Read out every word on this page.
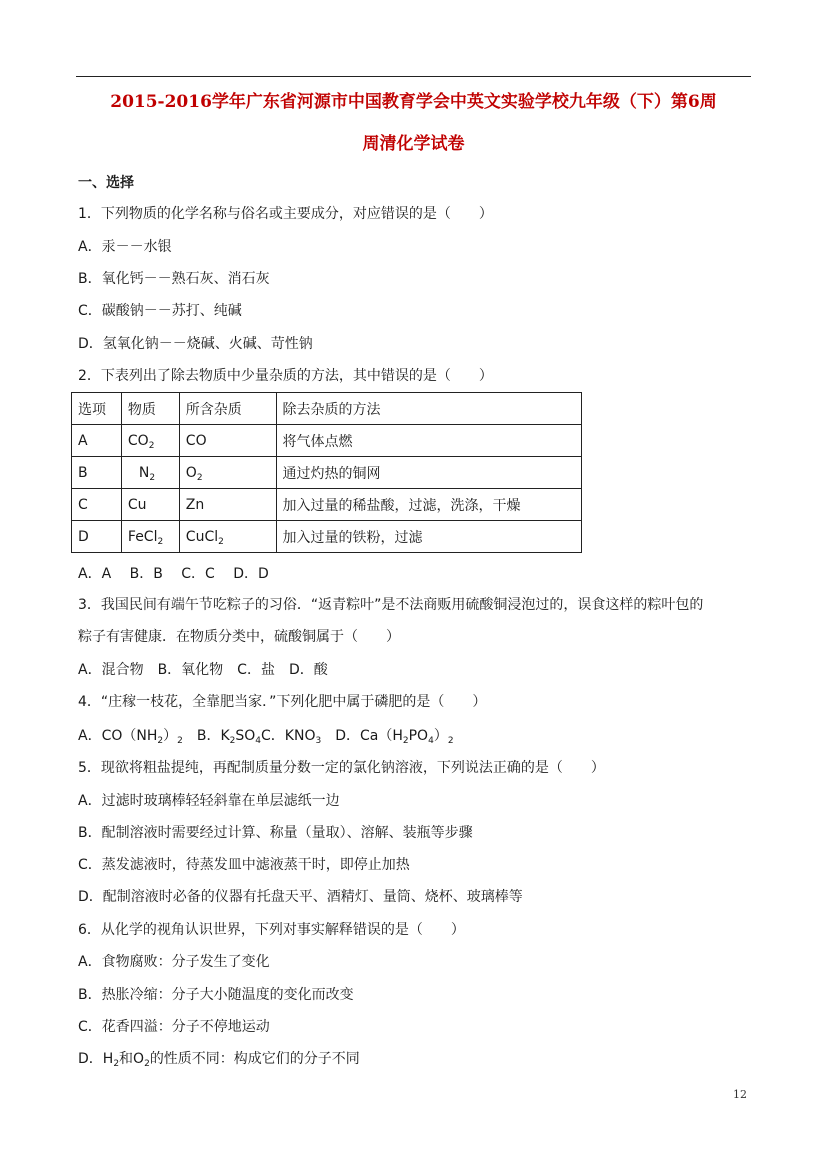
2015-2016学年广东省河源市中国教育学会中英文实验学校九年级（下）第6周
周清化学试卷
一、选择
1．下列物质的化学名称与俗名或主要成分，对应错误的是（　　）
A．汞－－水银
B．氧化钙－－熟石灰、消石灰
C．碳酸钠－－苏打、纯碱
D．氢氧化钠－－烧碱、火碱、苛性钠
2．下表列出了除去物质中少量杂质的方法，其中错误的是（　　）
选项	物质	所含杂质	除去杂质的方法
A	$CO_2$	CO	将气体点燃
B	$N_2$	$O_2$	通过灼热的铜网
C	Cu	Zn	加入过量的稀盐酸，过滤，洗涤，干燥
D	FeCl$_2$	CuCl$_2$	加入过量的铁粉，过滤
A．A　 B．B　 C．C　 D．D
3．我国民间有端午节吃粽子的习俗．“返青粽叶”是不法商贩用硫酸铜浸泡过的，误食这样的粽叶包的
粽子有害健康．在物质分类中，硫酸铜属于（　　）
A．混合物　B．氧化物　C．盐　D．酸
4．“庄稼一枝花，全靠肥当家．”下列化肥中属于磷肥的是（　　）
A．$CO(NH_2)_2$　B．$K_2SO_4C$．$KNO_3$　D．$Ca(H_2PO_4)_2$
5．现欲将粗盐提纯，再配制质量分数一定的氯化钠溶液，下列说法正确的是（　　）
A．过滤时玻璃棒轻轻斜靠在单层滤纸一边
B．配制溶液时需要经过计算、称量（量取）、溶解、装瓶等步骤
C．蒸发滤液时，待蒸发皿中滤液蒸干时，即停止加热
D．配制溶液时必备的仪器有托盘天平、酒精灯、量筒、烧杯、玻璃棒等
6．从化学的视角认识世界，下列对事实解释错误的是（　　）
A．食物腐败：分子发生了变化
B．热胀冷缩：分子大小随温度的变化而改变
C．花香四溢：分子不停地运动
D．$H_2$和$O_2$的性质不同：构成它们的分子不同
12
